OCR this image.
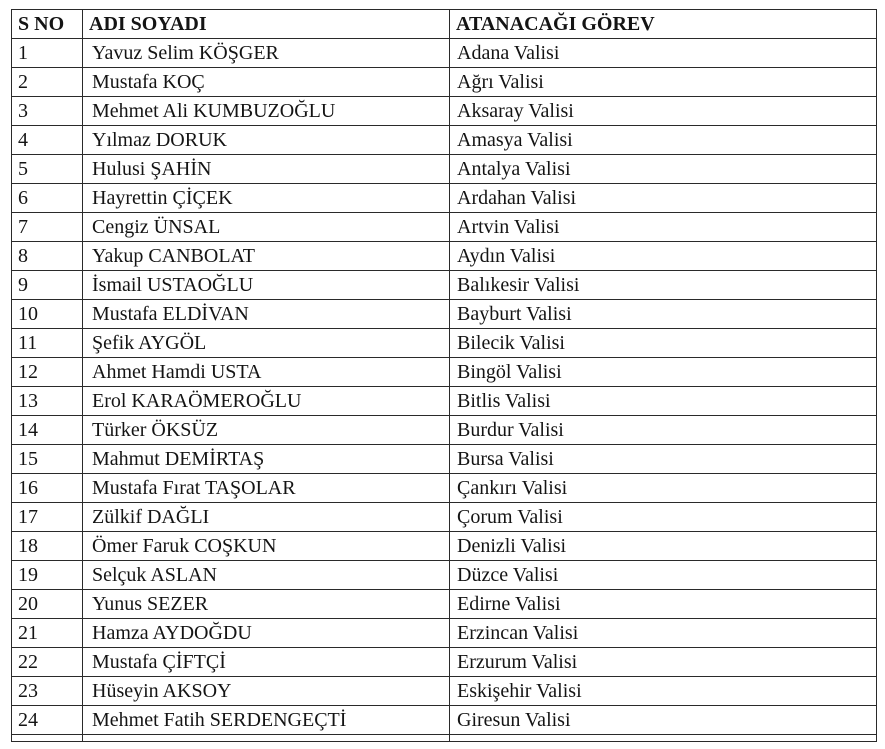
S NO	ADI SOYADI	ATANACAĞI GÖREV
1	Yavuz Selim KÖŞGER	Adana Valisi
2	Mustafa KOÇ	Ağrı Valisi
3	Mehmet Ali KUMBUZOĞLU	Aksaray Valisi
4	Yılmaz DORUK	Amasya Valisi
5	Hulusi ŞAHİN	Antalya Valisi
6	Hayrettin ÇİÇEK	Ardahan Valisi
7	Cengiz ÜNSAL	Artvin Valisi
8	Yakup CANBOLAT	Aydın Valisi
9	İsmail USTAOĞLU	Balıkesir Valisi
10	Mustafa ELDİVAN	Bayburt Valisi
11	Şefik AYGÖL	Bilecik Valisi
12	Ahmet Hamdi USTA	Bingöl Valisi
13	Erol KARAÖMEROĞLU	Bitlis Valisi
14	Türker ÖKSÜZ	Burdur Valisi
15	Mahmut DEMİRTAŞ	Bursa Valisi
16	Mustafa Fırat TAŞOLAR	Çankırı Valisi
17	Zülkif DAĞLI	Çorum Valisi
18	Ömer Faruk COŞKUN	Denizli Valisi
19	Selçuk ASLAN	Düzce Valisi
20	Yunus SEZER	Edirne Valisi
21	Hamza AYDOĞDU	Erzincan Valisi
22	Mustafa ÇİFTÇİ	Erzurum Valisi
23	Hüseyin AKSOY	Eskişehir Valisi
24	Mehmet Fatih SERDENGEÇTİ	Giresun Valisi
